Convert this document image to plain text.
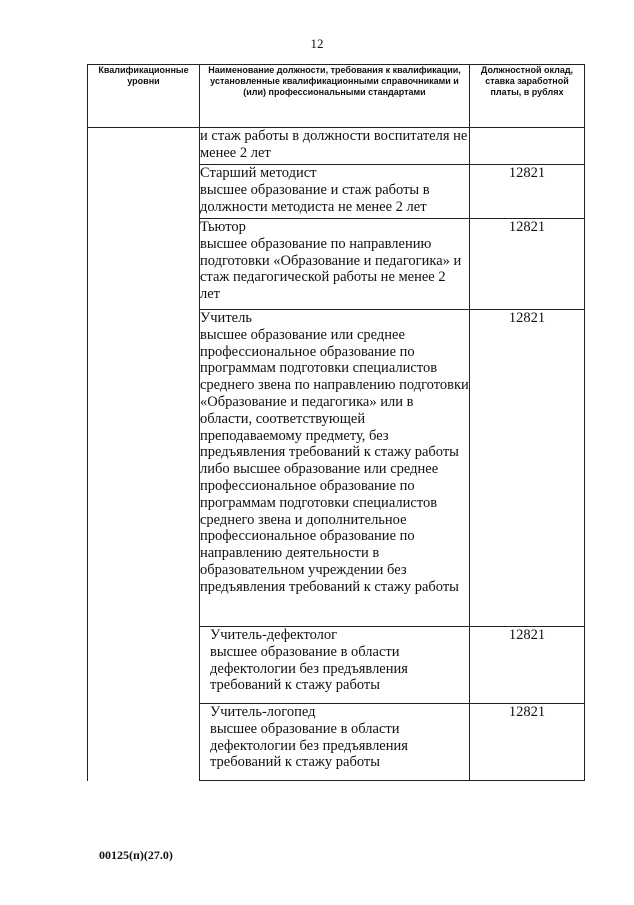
12
Квалификационные уровни	Наименование должности, требования к квалификации, установленные квалификационными справочниками и (или) профессиональными стандартами	Должностной оклад, ставка заработной платы, в рублях

	и стаж работы в должности воспитателя не менее 2 лет	

	Старший методист
высшее образование и стаж работы в должности методиста не менее 2 лет	12821

	Тьютор
высшее образование по направлению подготовки «Образование и педагогика» и стаж педагогической работы не менее 2 лет	12821

	Учитель
высшее образование или среднее профессиональное образование по программам подготовки специалистов среднего звена по направлению подготовки «Образование и педагогика» или в области, соответствующей преподаваемому предмету, без предъявления требований к стажу работы либо высшее образование или среднее профессиональное образование по программам подготовки специалистов среднего звена и дополнительное профессиональное образование по направлению деятельности в образовательном учреждении без предъявления требований к стажу работы	12821

	Учитель-дефектолог
высшее образование в области дефектологии без предъявления требований к стажу работы	12821

	Учитель-логопед
высшее образование в области дефектологии без предъявления требований к стажу работы	12821
00125(п)(27.0)
